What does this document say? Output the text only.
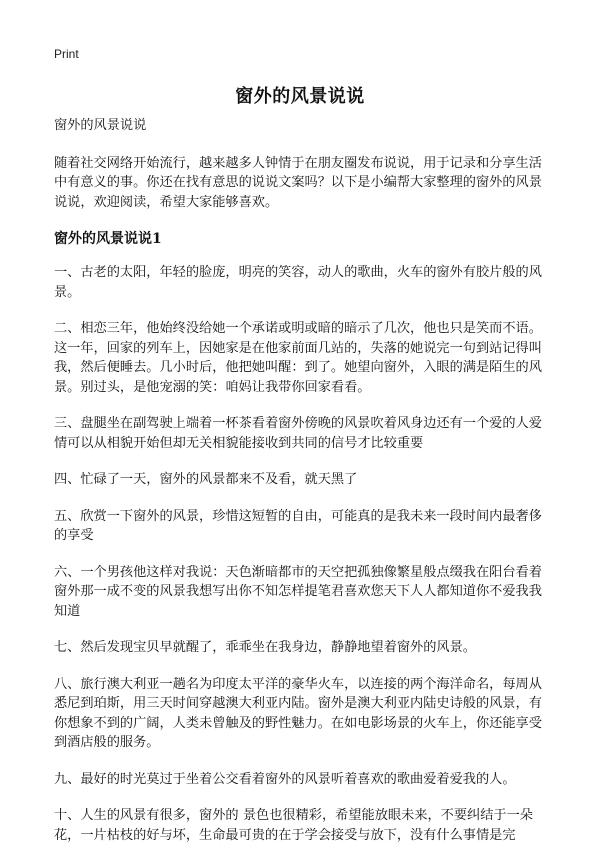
Print
窗外的风景说说

窗外的风景说说

随着社交网络开始流行，越来越多人钟情于在朋友圈发布说说，用于记录和分享生活中有意义的事。你还在找有意思的说说文案吗？以下是小编帮大家整理的窗外的风景说说，欢迎阅读，希望大家能够喜欢。

窗外的风景说说1

一、古老的太阳，年轻的脸庞，明亮的笑容，动人的歌曲，火车的窗外有胶片般的风景。

二、相恋三年，他始终没给她一个承诺或明或暗的暗示了几次，他也只是笑而不语。这一年，回家的列车上，因她家是在他家前面几站的，失落的她说完一句到站记得叫我，然后便睡去。几小时后，他把她叫醒：到了。她望向窗外，入眼的满是陌生的风景。别过头，是他宠溺的笑：咱妈让我带你回家看看。

三、盘腿坐在副驾驶上端着一杯茶看着窗外傍晚的风景吹着风身边还有一个爱的人爱情可以从相貌开始但却无关相貌能接收到共同的信号才比较重要

四、忙碌了一天，窗外的风景都来不及看，就天黑了

五、欣赏一下窗外的风景，珍惜这短暂的自由，可能真的是我未来一段时间内最奢侈的享受

六、一个男孩他这样对我说：天色渐暗都市的天空把孤独像繁星般点缀我在阳台看着窗外那一成不变的风景我想写出你不知怎样提笔君喜欢您天下人人都知道你不爱我我知道

七、然后发现宝贝早就醒了，乖乖坐在我身边，静静地望着窗外的风景。

八、旅行澳大利亚一趟名为印度太平洋的豪华火车，以连接的两个海洋命名，每周从悉尼到珀斯，用三天时间穿越澳大利亚内陆。窗外是澳大利亚内陆史诗般的风景，有你想象不到的广阔，人类未曾触及的野性魅力。在如电影场景的火车上，你还能享受到酒店般的服务。

九、最好的时光莫过于坐着公交看着窗外的风景听着喜欢的歌曲爱着爱我的人。

十、人生的风景有很多，窗外的 景色也很精彩，希望能放眼未来，不要纠结于一朵花，一片枯枝的好与坏，生命最可贵的在于学会接受与放下，没有什么事情是完
